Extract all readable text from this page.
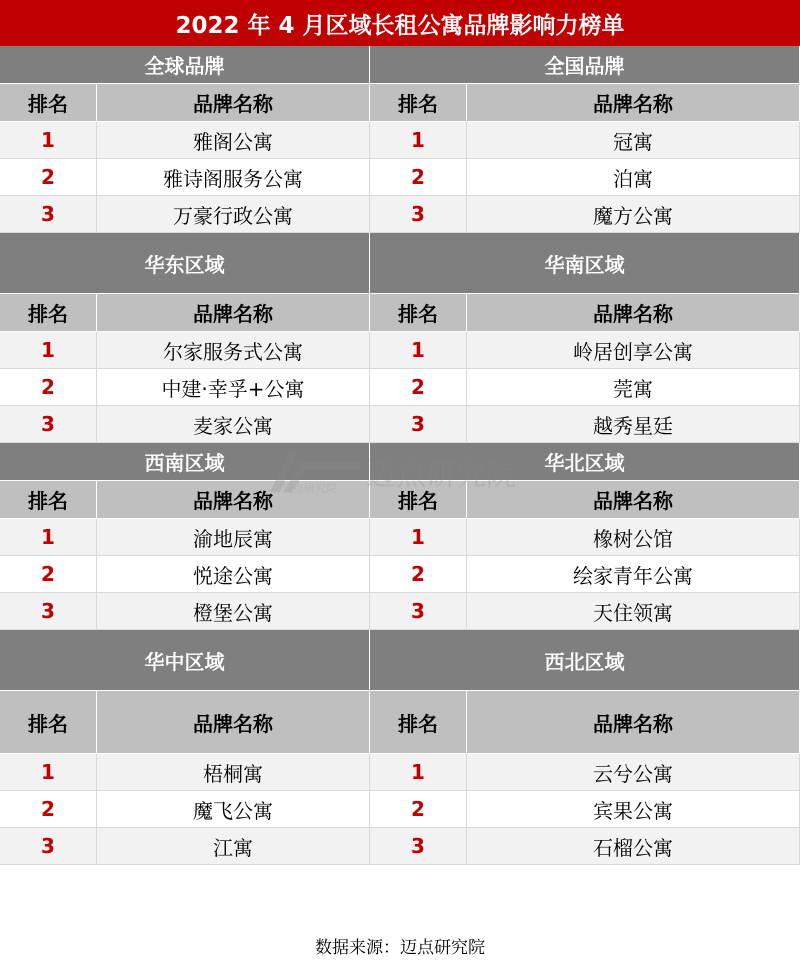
2022 年 4 月区域长租公寓品牌影响力榜单
全球品牌	全国品牌
排名	品牌名称	排名	品牌名称
1	雅阁公寓	1	冠寓
2	雅诗阁服务公寓	2	泊寓
3	万豪行政公寓	3	魔方公寓
华东区域	华南区域
排名	品牌名称	排名	品牌名称
1	尔家服务式公寓	1	岭居创享公寓
2	中建·幸孚+公寓	2	莞寓
3	麦家公寓	3	越秀星廷
西南区域	华北区域
排名	品牌名称	排名	品牌名称
1	渝地辰寓	1	橡树公馆
2	悦途公寓	2	绘家青年公寓
3	橙堡公寓	3	天住领寓
华中区域	西北区域
排名	品牌名称	排名	品牌名称
1	梧桐寓	1	云兮公寓
2	魔飞公寓	2	宾果公寓
3	江寓	3	石榴公寓
迈点研究院 迈点研究院
数据来源：迈点研究院
